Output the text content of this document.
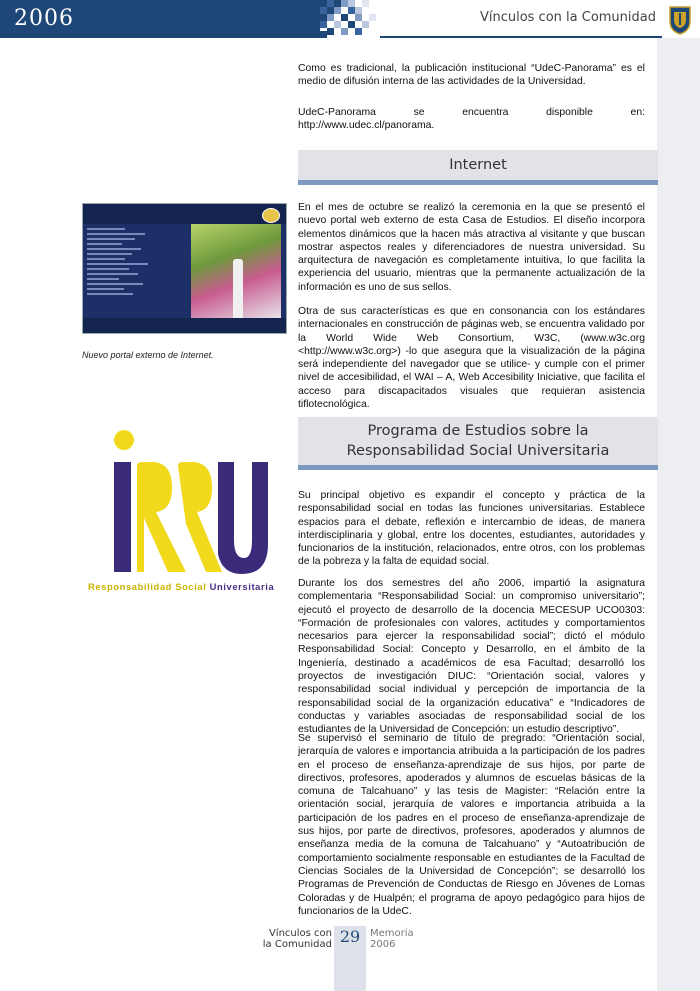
2006	Vínculos con la Comunidad

Como es tradicional, la publicación institucional “UdeC-Panorama” es el medio de difusión interna de las actividades de la Universidad.

UdeC-Panorama se encuentra disponible en: http://www.udec.cl/panorama.

Internet
Nuevo portal externo de Internet.

En el mes de octubre se realizó la ceremonia en la que se presentó el nuevo portal web externo de esta Casa de Estudios. El diseño incorpora elementos dinámicos que la hacen más atractiva al visitante y que buscan mostrar aspectos reales y diferenciadores de nuestra universidad. Su arquitectura de navegación es completamente intuitiva, lo que facilita la experiencia del usuario, mientras que la permanente actualización de la información es uno de sus sellos.

Otra de sus características es que en consonancia con los estándares internacionales en construcción de páginas web, se encuentra validado por la World Wide Web Consortium, W3C, (www.w3c.org <http://www.w3c.org>) -lo que asegura que la visualización de la página será independiente del navegador que se utilice- y cumple con el primer nivel de accesibilidad, el WAI – A, Web Accesibility Iniciative, que facilita el acceso para discapacitados visuales que requieran asistencia tiflotecnológica.

Programa de Estudios sobre la
Responsabilidad Social Universitaria
Responsabilidad Social Universitaria

Su principal objetivo es expandir el concepto y práctica de la responsabilidad social en todas las funciones universitarias. Establece espacios para el debate, reflexión e intercambio de ideas, de manera interdisciplinaria y global, entre los docentes, estudiantes, autoridades y funcionarios de la institución, relacionados, entre otros, con los problemas de la pobreza y la falta de equidad social.

Durante los dos semestres del año 2006, impartió la asignatura complementaria “Responsabilidad Social: un compromiso universitario”; ejecutó el proyecto de desarrollo de la docencia MECESUP UCO0303: “Formación de profesionales con valores, actitudes y comportamientos necesarios para ejercer la responsabilidad social”; dictó el módulo Responsabilidad Social: Concepto y Desarrollo, en el ámbito de la Ingeniería, destinado a académicos de esa Facultad; desarrolló los proyectos de investigación DIUC: “Orientación social, valores y responsabilidad social individual y percepción de importancia de la responsabilidad social de la organización educativa” e “Indicadores de conductas y variables asociadas de responsabilidad social de los estudiantes de la Universidad de Concepción: un estudio descriptivo”.

Se supervisó el seminario de título de pregrado: “Orientación social, jerarquía de valores e importancia atribuida a la participación de los padres en el proceso de enseñanza-aprendizaje de sus hijos, por parte de directivos, profesores, apoderados y alumnos de escuelas básicas de la comuna de Talcahuano” y las tesis de Magister: “Relación entre la orientación social, jerarquía de valores e importancia atribuida a la participación de los padres en el proceso de enseñanza-aprendizaje de sus hijos, por parte de directivos, profesores, apoderados y alumnos de enseñanza media de la comuna de Talcahuano” y “Autoatribución de comportamiento socialmente responsable en estudiantes de la Facultad de Ciencias Sociales de la Universidad de Concepción”; se desarrolló los Programas de Prevención de Conductas de Riesgo en Jóvenes de Lomas Coloradas y de Hualpén; el programa de apoyo pedagógico para hijos de funcionarios de la UdeC.

Vínculos con
la Comunidad 29 Memoria
2006
